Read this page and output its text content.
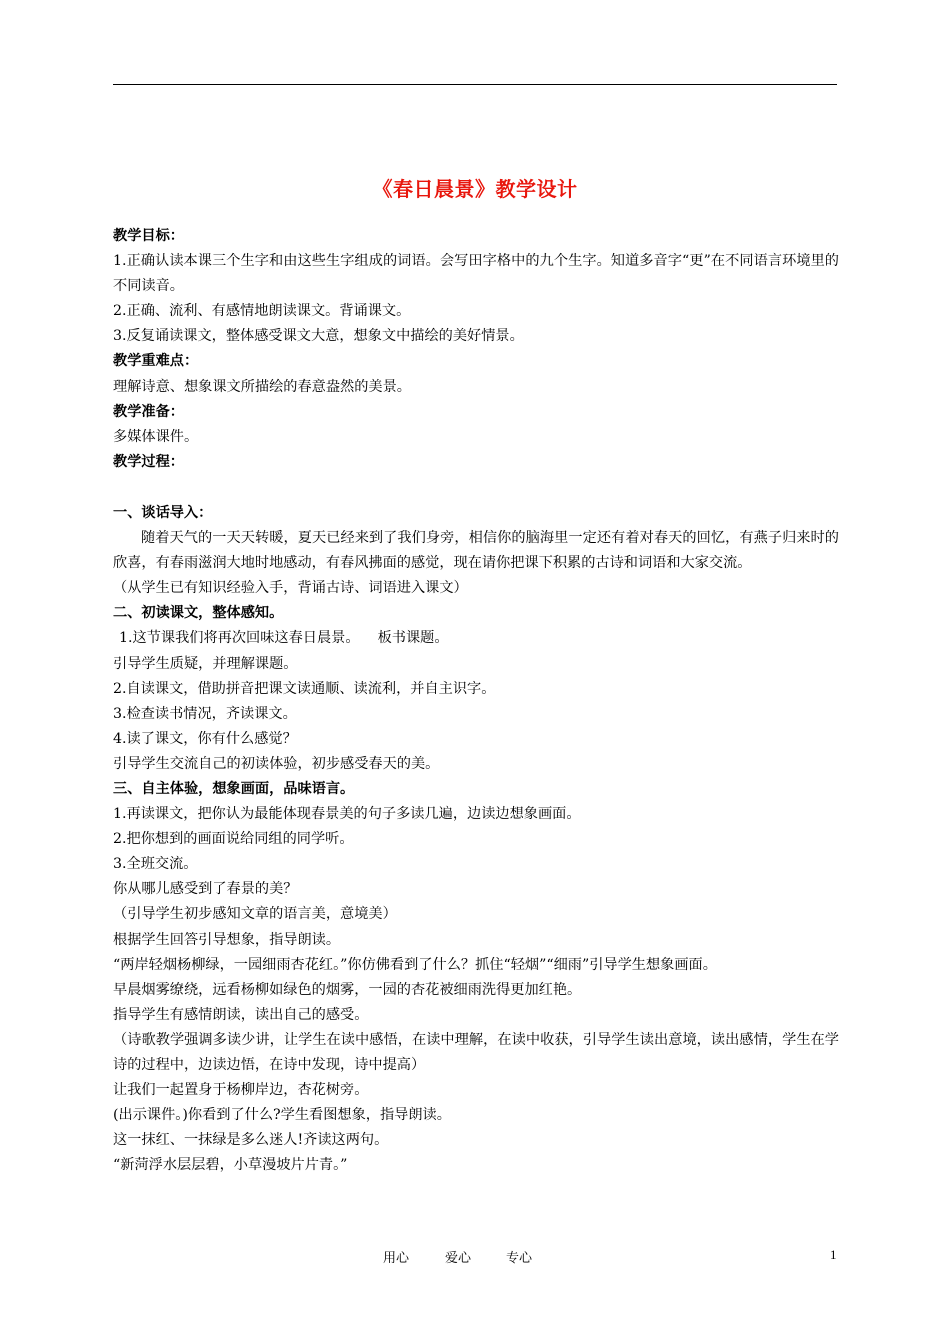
《春日晨景》教学设计

教学目标：

1.正确认读本课三个生字和由这些生字组成的词语。会写田字格中的九个生字。知道多音字“更”在不同语言环境里的不同读音。

2.正确、流利、有感情地朗读课文。背诵课文。

3.反复诵读课文，整体感受课文大意，想象文中描绘的美好情景。

教学重难点：

理解诗意、想象课文所描绘的春意盎然的美景。

教学准备：

多媒体课件。

教学过程：

一、谈话导入：

随着天气的一天天转暖，夏天已经来到了我们身旁，相信你的脑海里一定还有着对春天的回忆，有燕子归来时的欣喜，有春雨滋润大地时地感动，有春风拂面的感觉，现在请你把课下积累的古诗和词语和大家交流。

（从学生已有知识经验入手，背诵古诗、词语进入课文）

二、初读课文，整体感知。

1.这节课我们将再次回味这春日晨景。    板书课题。

引导学生质疑，并理解课题。

2.自读课文，借助拼音把课文读通顺、读流利，并自主识字。

3.检查读书情况，齐读课文。

4.读了课文，你有什么感觉？

引导学生交流自己的初读体验，初步感受春天的美。

三、自主体验，想象画面，品味语言。

1.再读课文，把你认为最能体现春景美的句子多读几遍，边读边想象画面。

2.把你想到的画面说给同组的同学听。

3.全班交流。

你从哪儿感受到了春景的美？

（引导学生初步感知文章的语言美，意境美）

根据学生回答引导想象，指导朗读。

“两岸轻烟杨柳绿，一园细雨杏花红。”你仿佛看到了什么？抓住“轻烟”“细雨”引导学生想象画面。

早晨烟雾缭绕，远看杨柳如绿色的烟雾，一园的杏花被细雨洗得更加红艳。

指导学生有感情朗读，读出自己的感受。

（诗歌教学强调多读少讲，让学生在读中感悟，在读中理解，在读中收获，引导学生读出意境，读出感情，学生在学诗的过程中，边读边悟，在诗中发现，诗中提高）

让我们一起置身于杨柳岸边，杏花树旁。

(出示课件。)你看到了什么?学生看图想象，指导朗读。

这一抹红、一抹绿是多么迷人!齐读这两句。

“新菏浮水层层碧，小草漫坡片片青。”

用心	爱心	专心	1
